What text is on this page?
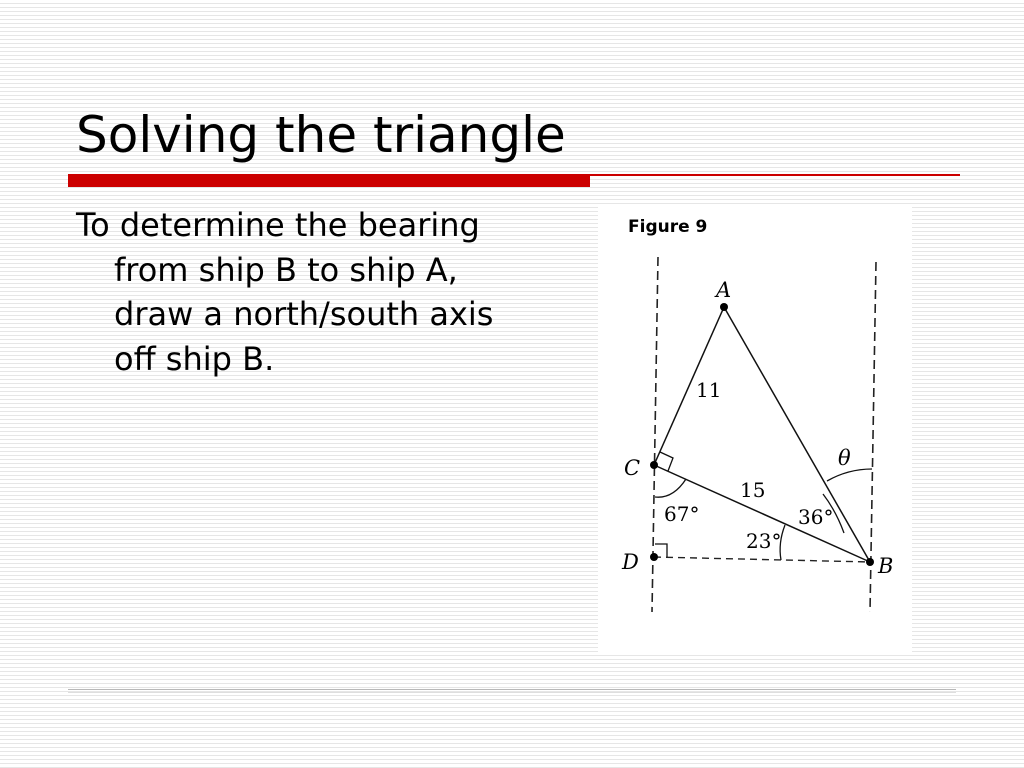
Solving the triangle

To determine the bearing from ship B to ship A, draw a north/south axis off ship B.

Figure 9
A
C
D	B
11
15
67°
23°
36°
θ
